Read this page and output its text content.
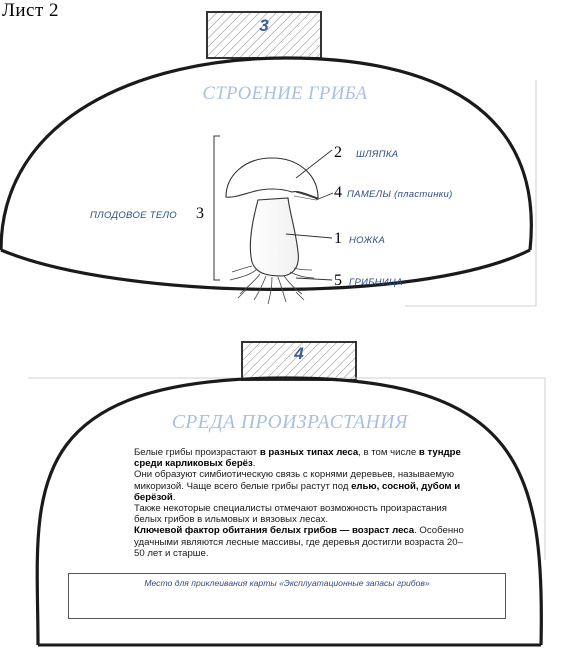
Лист 2
3
СТРОЕНИЕ ГРИБА
ПЛОДОВОЕ ТЕЛО 3
2 ШЛЯПКА
4 ПАМЕЛЫ (пластинки)
1 НОЖКА
5 ГРИБНИЦА
4
СРЕДА ПРОИЗРАСТАНИЯ

Белые грибы произрастают в разных типах леса, в том числе в тундре среди карликовых берёз.

Они образуют симбиотическую связь с корнями деревьев, называемую микоризой. Чаще всего белые грибы растут под елью, сосной, дубом и берёзой.

Также некоторые специалисты отмечают возможность произрастания белых грибов в ильмовых и вязовых лесах.

Ключевой фактор обитания белых грибов — возраст леса. Особенно удачными являются лесные массивы, где деревья достигли возраста 20–50 лет и старше.

Место для приклеивания карты «Эксплуатационные запасы грибов»
